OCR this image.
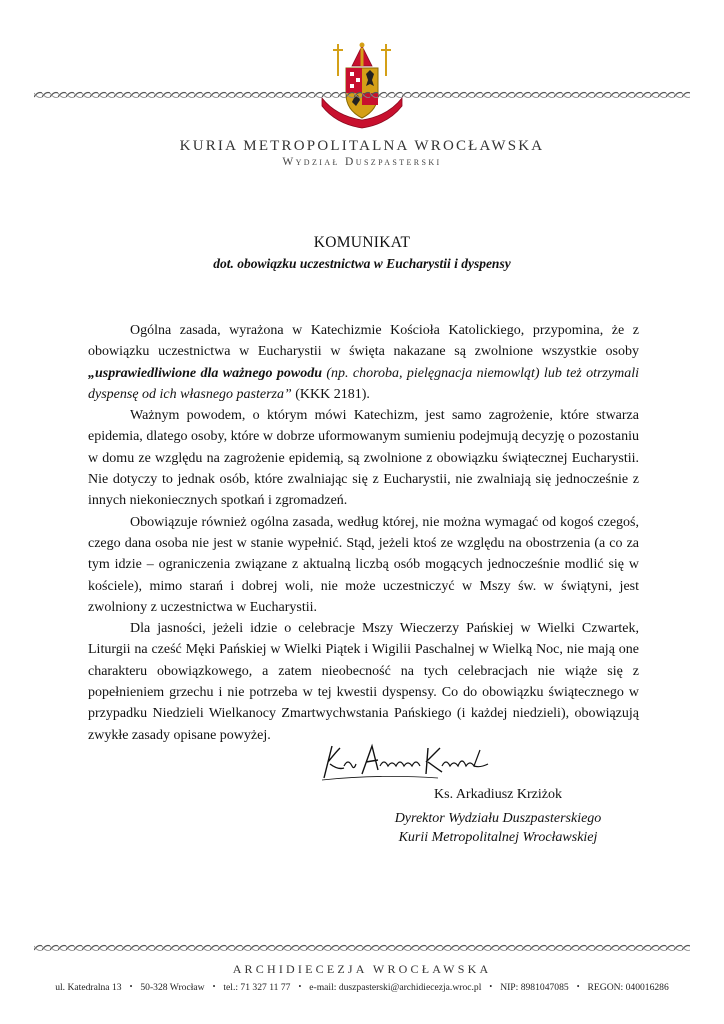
KURIA METROPOLITALNA WROCŁAWSKA
Wydział Duszpasterski
KOMUNIKAT
dot. obowiązku uczestnictwa w Eucharystii i dyspensy

Ogólna zasada, wyrażona w Katechizmie Kościoła Katolickiego, przypomina, że z obowiązku uczestnictwa w Eucharystii w święta nakazane są zwolnione wszystkie osoby „usprawiedliwione dla ważnego powodu (np. choroba, pielęgnacja niemowląt) lub też otrzymali dyspensę od ich własnego pasterza” (KKK 2181).

Ważnym powodem, o którym mówi Katechizm, jest samo zagrożenie, które stwarza epidemia, dlatego osoby, które w dobrze uformowanym sumieniu podejmują decyzję o pozostaniu w domu ze względu na zagrożenie epidemią, są zwolnione z obowiązku świątecznej Eucharystii. Nie dotyczy to jednak osób, które zwalniając się z Eucharystii, nie zwalniają się jednocześnie z innych niekoniecznych spotkań i zgromadzeń.

Obowiązuje również ogólna zasada, według której, nie można wymagać od kogoś czegoś, czego dana osoba nie jest w stanie wypełnić. Stąd, jeżeli ktoś ze względu na obostrzenia (a co za tym idzie – ograniczenia związane z aktualną liczbą osób mogących jednocześnie modlić się w kościele), mimo starań i dobrej woli, nie może uczestniczyć w Mszy św. w świątyni, jest zwolniony z uczestnictwa w Eucharystii.

Dla jasności, jeżeli idzie o celebracje Mszy Wieczerzy Pańskiej w Wielki Czwartek, Liturgii na cześć Męki Pańskiej w Wielki Piątek i Wigilii Paschalnej w Wielką Noc, nie mają one charakteru obowiązkowego, a zatem nieobecność na tych celebracjach nie wiąże się z popełnieniem grzechu i nie potrzeba w tej kwestii dyspensy. Co do obowiązku świątecznego w przypadku Niedzieli Wielkanocy Zmartwychwstania Pańskiego (i każdej niedzieli), obowiązują zwykłe zasady opisane powyżej.

Ks. Arkadiusz Krziżok
Dyrektor Wydziału Duszpasterskiego
Kurii Metropolitalnej Wrocławskiej
ARCHIDIECEZJA WROCŁAWSKA
ul. Katedralna 13 • 50-328 Wrocław • tel.: 71 327 11 77 • e-mail: duszpasterski@archidiecezja.wroc.pl • NIP: 8981047085 • REGON: 040016286
